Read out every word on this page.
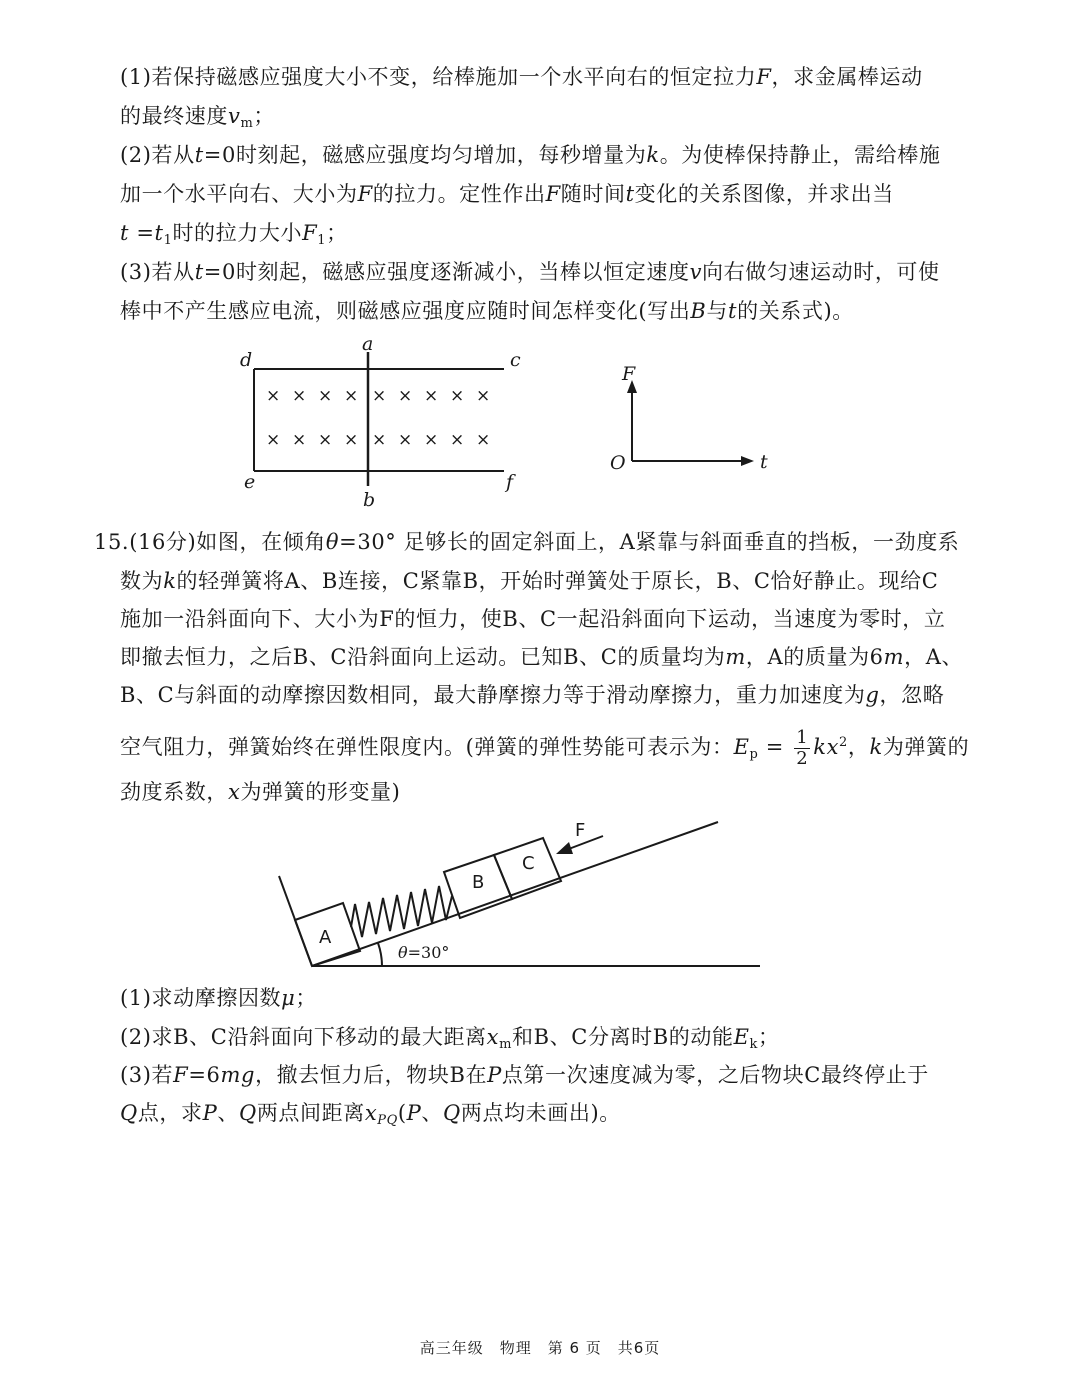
(1)若保持磁感应强度大小不变，给棒施加一个水平向右的恒定拉力F，求金属棒运动
的最终速度$v_m$；
(2)若从t=0时刻起，磁感应强度均匀增加，每秒增量为k。为使棒保持静止，需给棒施
加一个水平向右、大小为F的拉力。定性作出F随时间t变化的关系图像，并求出当
$t =t_1$时的拉力大小$F_1$；
(3)若从t=0时刻起，磁感应强度逐渐减小，当棒以恒定速度v向右做匀速运动时，可使
棒中不产生感应电流，则磁感应强度应随时间怎样变化(写出B与t的关系式)。
d
a
c
e
b
f
× × × × × × × × ×
× × × × × × × × ×
F
O	t
15.(16分)如图，在倾角θ=30° 足够长的固定斜面上，A紧靠与斜面垂直的挡板，一劲度系
数为k的轻弹簧将A、B连接，C紧靠B，开始时弹簧处于原长，B、C恰好静止。现给C
施加一沿斜面向下、大小为F的恒力，使B、C一起沿斜面向下运动，当速度为零时，立
即撤去恒力，之后B、C沿斜面向上运动。已知B、C的质量均为m，A的质量为6m，A、
B、C与斜面的动摩擦因数相同，最大静摩擦力等于滑动摩擦力，重力加速度为g，忽略
空气阻力，弹簧始终在弹性限度内。(弹簧的弹性势能可表示为：$E_p = \frac{1}{2} kx^2$，k为弹簧的
劲度系数，x为弹簧的形变量)
A
B
C
F
θ=30°
(1)求动摩擦因数μ；
(2)求B、C沿斜面向下移动的最大距离$x_m$和B、C分离时B的动能$E_k$；
(3)若F=6mg，撤去恒力后，物块B在P点第一次速度减为零，之后物块C最终停止于
Q点，求P、Q两点间距离$x_{PQ}(P$、Q两点均未画出)。
高三年级　物理　第 6 页　共6页
